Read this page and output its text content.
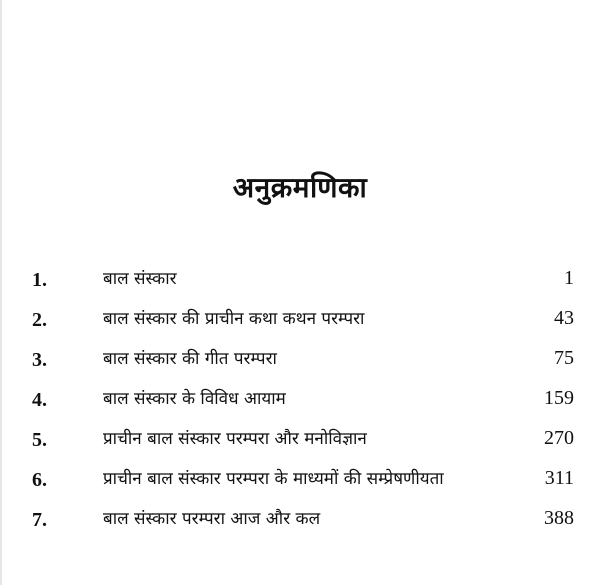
अनुक्रमणिका
1.	बाल संस्कार	1
2.	बाल संस्कार की प्राचीन कथा कथन परम्परा	43
3.	बाल संस्कार की गीत परम्परा	75
4.	बाल संस्कार के विविध आयाम	159
5.	प्राचीन बाल संस्कार परम्परा और मनोविज्ञान	270
6.	प्राचीन बाल संस्कार परम्परा के माध्यमों की सम्प्रेषणीयता	311
7.	बाल संस्कार परम्परा आज और कल	388
